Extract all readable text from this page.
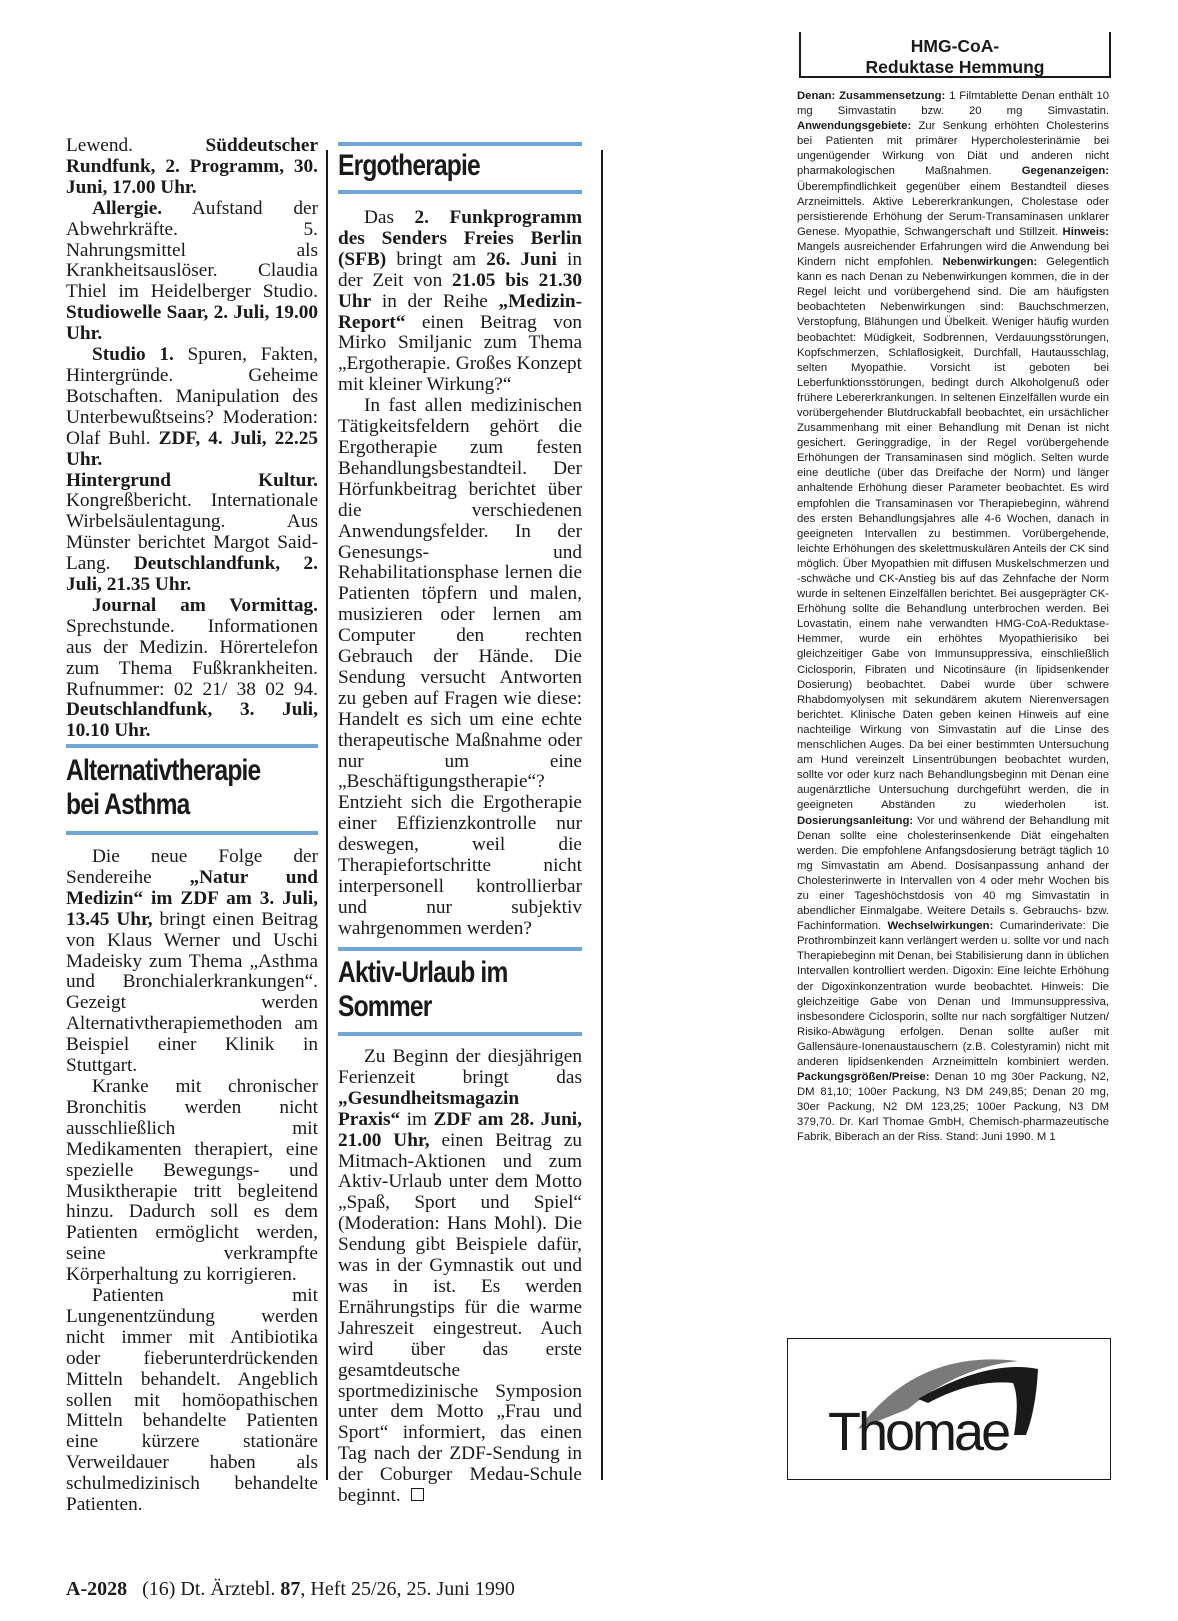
Lewend. Süddeutscher Rundfunk, 2. Programm, 30. Juni, 17.00 Uhr.

Allergie. Aufstand der Abwehrkräfte. 5. Nahrungsmittel als Krankheitsauslöser. Claudia Thiel im Heidelberger Studio. Studiowelle Saar, 2. Juli, 19.00 Uhr.

Studio 1. Spuren, Fakten, Hintergründe. Geheime Botschaften. Manipulation des Unterbewußtseins? Moderation: Olaf Buhl. ZDF, 4. Juli, 22.25 Uhr.

Hintergrund Kultur. Kongreßbericht. Internationale Wirbelsäulentagung. Aus Münster berichtet Margot Said-Lang. Deutschlandfunk, 2. Juli, 21.35 Uhr.

Journal am Vormittag. Sprechstunde. Informationen aus der Medizin. Hörertelefon zum Thema Fußkrankheiten. Rufnummer: 02 21/ 38 02 94. Deutschlandfunk, 3. Juli, 10.10 Uhr.

Alternativtherapie
bei Asthma

Die neue Folge der Sendereihe „Natur und Medizin“ im ZDF am 3. Juli, 13.45 Uhr, bringt einen Beitrag von Klaus Werner und Uschi Madeisky zum Thema „Asthma und Bronchialerkrankungen“. Gezeigt werden Alternativtherapiemethoden am Beispiel einer Klinik in Stuttgart.

Kranke mit chronischer Bronchitis werden nicht ausschließlich mit Medikamenten therapiert, eine spezielle Bewegungs- und Musiktherapie tritt begleitend hinzu. Dadurch soll es dem Patienten ermöglicht werden, seine verkrampfte Körperhaltung zu korrigieren.

Patienten mit Lungenentzündung werden nicht immer mit Antibiotika oder fieberunterdrückenden Mitteln behandelt. Angeblich sollen mit homöopathischen Mitteln behandelte Patienten eine kürzere stationäre Verweildauer haben als schulmedizinisch behandelte Patienten.

Ergotherapie

Das 2. Funkprogramm des Senders Freies Berlin (SFB) bringt am 26. Juni in der Zeit von 21.05 bis 21.30 Uhr in der Reihe „Medizin-Report“ einen Beitrag von Mirko Smiljanic zum Thema „Ergotherapie. Großes Konzept mit kleiner Wirkung?“

In fast allen medizinischen Tätigkeitsfeldern gehört die Ergotherapie zum festen Behandlungsbestandteil. Der Hörfunkbeitrag berichtet über die verschiedenen Anwendungsfelder. In der Genesungs- und Rehabilitationsphase lernen die Patienten töpfern und malen, musizieren oder lernen am Computer den rechten Gebrauch der Hände. Die Sendung versucht Antworten zu geben auf Fragen wie diese: Handelt es sich um eine echte therapeutische Maßnahme oder nur um eine „Beschäftigungstherapie“? Entzieht sich die Ergotherapie einer Effizienzkontrolle nur deswegen, weil die Therapiefortschritte nicht interpersonell kontrollierbar und nur subjektiv wahrgenommen werden?

Aktiv-Urlaub im
Sommer

Zu Beginn der diesjährigen Ferienzeit bringt das „Gesundheitsmagazin Praxis“ im ZDF am 28. Juni, 21.00 Uhr, einen Beitrag zu Mitmach-Aktionen und zum Aktiv-Urlaub unter dem Motto „Spaß, Sport und Spiel“ (Moderation: Hans Mohl). Die Sendung gibt Beispiele dafür, was in der Gymnastik out und was in ist. Es werden Ernährungstips für die warme Jahreszeit eingestreut. Auch wird über das erste gesamtdeutsche sportmedizinische Symposion unter dem Motto „Frau und Sport“ informiert, das einen Tag nach der ZDF-Sendung in der Coburger Medau-Schule beginnt.

HMG-CoA-
Reduktase Hemmung
Denan: Zusammensetzung: 1 Filmtablette Denan enthält 10 mg Simvastatin bzw. 20 mg Simvastatin. Anwendungsgebiete: Zur Senkung erhöhten Cholesterins bei Patienten mit primärer Hypercholesterinämie bei ungenügender Wirkung von Diät und anderen nicht pharmakologischen Maßnahmen. Gegenanzeigen: Überempfindlichkeit gegenüber einem Bestandteil dieses Arzneimittels. Aktive Lebererkrankungen, Cholestase oder persistierende Erhöhung der Serum-Transaminasen unklarer Genese. Myopathie, Schwangerschaft und Stillzeit. Hinweis: Mangels ausreichender Erfahrungen wird die Anwendung bei Kindern nicht empfohlen. Nebenwirkungen: Gelegentlich kann es nach Denan zu Nebenwirkungen kommen, die in der Regel leicht und vorübergehend sind. Die am häufigsten beobachteten Nebenwirkungen sind: Bauchschmerzen, Verstopfung, Blähungen und Übelkeit. Weniger häufig wurden beobachtet: Müdigkeit, Sodbrennen, Verdauungsstörungen, Kopfschmerzen, Schlaflosigkeit, Durchfall, Hautausschlag, selten Myopathie. Vorsicht ist geboten bei Leberfunktionsstörungen, bedingt durch Alkoholgenuß oder frühere Lebererkrankungen. In seltenen Einzelfällen wurde ein vorübergehender Blutdruckabfall beobachtet, ein ursächlicher Zusammenhang mit einer Behandlung mit Denan ist nicht gesichert. Geringgradige, in der Regel vorübergehende Erhöhungen der Transaminasen sind möglich. Selten wurde eine deutliche (über das Dreifache der Norm) und länger anhaltende Erhöhung dieser Parameter beobachtet. Es wird empfohlen die Transaminasen vor Therapiebeginn, während des ersten Behandlungsjahres alle 4-6 Wochen, danach in geeigneten Intervallen zu bestimmen. Vorübergehende, leichte Erhöhungen des skelettmuskulären Anteils der CK sind möglich. Über Myopathien mit diffusen Muskelschmerzen und -schwäche und CK-Anstieg bis auf das Zehnfache der Norm wurde in seltenen Einzelfällen berichtet. Bei ausgeprägter CK-Erhöhung sollte die Behandlung unterbrochen werden. Bei Lovastatin, einem nahe verwandten HMG-CoA-Reduktase-Hemmer, wurde ein erhöhtes Myopathierisiko bei gleichzeitiger Gabe von Immunsuppressiva, einschließlich Ciclosporin, Fibraten und Nicotinsäure (in lipidsenkender Dosierung) beobachtet. Dabei wurde über schwere Rhabdomyolysen mit sekundärem akutem Nierenversagen berichtet. Klinische Daten geben keinen Hinweis auf eine nachteilige Wirkung von Simvastatin auf die Linse des menschlichen Auges. Da bei einer bestimmten Untersuchung am Hund vereinzelt Linsentrübungen beobachtet wurden, sollte vor oder kurz nach Behandlungsbeginn mit Denan eine augenärztliche Untersuchung durchgeführt werden, die in geeigneten Abständen zu wiederholen ist. Dosierungsanleitung: Vor und während der Behandlung mit Denan sollte eine cholesterinsenkende Diät eingehalten werden. Die empfohlene Anfangsdosierung beträgt täglich 10 mg Simvastatin am Abend. Dosisanpassung anhand der Cholesterinwerte in Intervallen von 4 oder mehr Wochen bis zu einer Tageshöchstdosis von 40 mg Simvastatin in abendlicher Einmalgabe. Weitere Details s. Gebrauchs- bzw. Fachinformation. Wechselwirkungen: Cumarinderivate: Die Prothrombinzeit kann verlängert werden u. sollte vor und nach Therapiebeginn mit Denan, bei Stabilisierung dann in üblichen Intervallen kontrolliert werden. Digoxin: Eine leichte Erhöhung der Digoxinkonzentration wurde beobachtet. Hinweis: Die gleichzeitige Gabe von Denan und Immunsuppressiva, insbesondere Ciclosporin, sollte nur nach sorgfältiger Nutzen/ Risiko-Abwägung erfolgen. Denan sollte außer mit Gallensäure-Ionenaustauschern (z.B. Colestyramin) nicht mit anderen lipidsenkenden Arzneimitteln kombiniert werden. Packungsgrößen/Preise: Denan 10 mg 30er Packung, N2, DM 81,10; 100er Packung, N3 DM 249,85; Denan 20 mg, 30er Packung, N2 DM 123,25; 100er Packung, N3 DM 379,70. Dr. Karl Thomae GmbH, Chemisch-pharmazeutische Fabrik, Biberach an der Riss. Stand: Juni 1990. M 1
Thomae
A-2028 (16) Dt. Ärztebl. 87, Heft 25/26, 25. Juni 1990
